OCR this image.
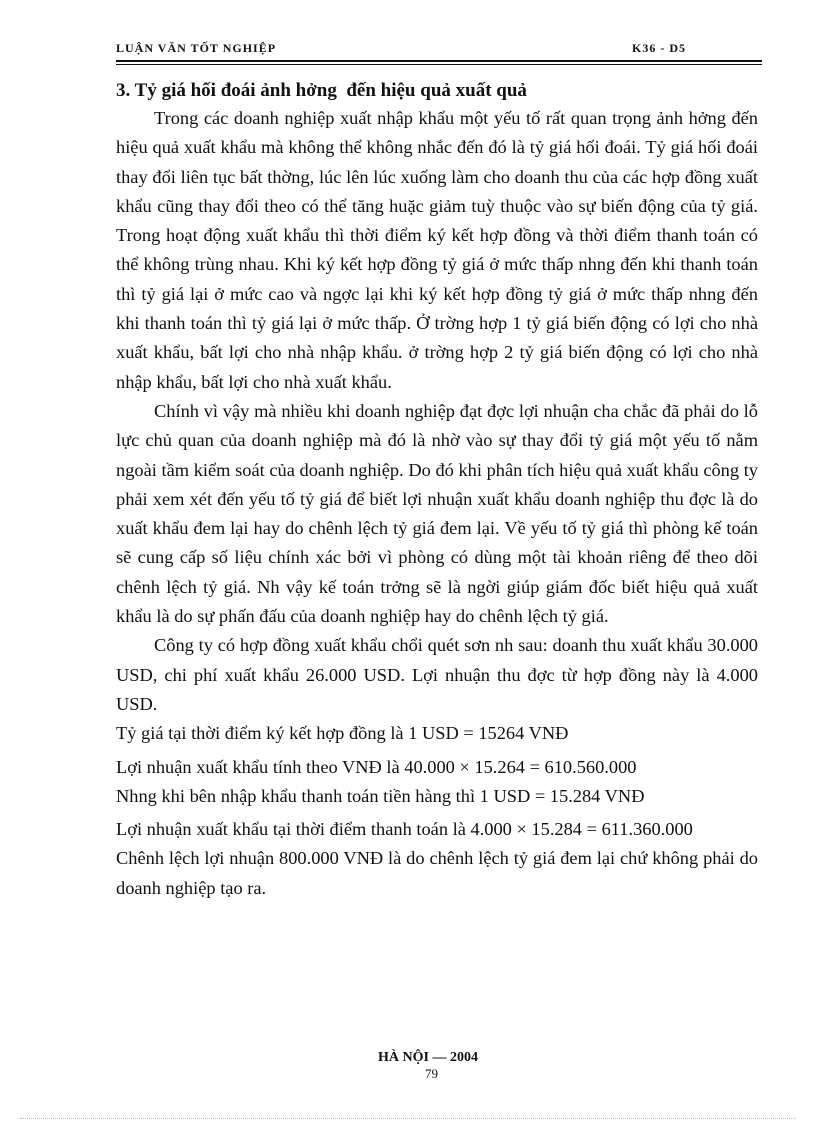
LUẬN VĂN TỐT NGHIỆP	K36 - D5
3. Tỷ giá hối đoái ảnh hởng  đến hiệu quả xuất quả

Trong các doanh nghiệp xuất nhập khẩu một yếu tố rất quan trọng ảnh hởng đến hiệu quả xuất khẩu mà không thể không nhắc đến đó là tỷ giá hối đoái. Tỷ giá hối đoái thay đổi liên tục bất thờng, lúc lên lúc xuống làm cho doanh thu của các hợp đồng xuất khẩu cũng thay đổi theo có thể tăng huặc giảm tuỳ thuộc vào sự biến động của tỷ giá. Trong hoạt động xuất khẩu thì thời điểm ký kết hợp đồng và thời điểm thanh toán có thể không trùng nhau. Khi ký kết hợp đồng tỷ giá ở mức thấp nhng đến khi thanh toán thì tỷ giá lại ở mức cao và ngợc lại khi ký kết hợp đồng tỷ giá ở mức thấp nhng đến khi thanh toán thì tỷ giá lại ở mức thấp. Ở trờng hợp 1 tỷ giá biến động có lợi cho nhà xuất khẩu, bất lợi cho nhà nhập khẩu. ở trờng hợp 2 tỷ giá biến động có lợi cho nhà nhập khẩu, bất lợi cho nhà xuất khẩu.

Chính vì vậy mà nhiều khi doanh nghiệp đạt đợc lợi nhuận cha chắc đã phải do lỗ lực chủ quan của doanh nghiệp mà đó là nhờ vào sự thay đổi tỷ giá một yếu tố nằm ngoài tầm kiểm soát của doanh nghiệp. Do đó khi phân tích hiệu quả xuất khẩu công ty phải xem xét đến yếu tố tỷ giá để biết lợi nhuận xuất khẩu doanh nghiệp thu đợc là do xuất khẩu đem lại hay do chênh lệch tỷ giá đem lại. Về yếu tố tỷ giá thì phòng kế toán sẽ cung cấp số liệu chính xác bởi vì phòng có dùng một tài khoản riêng để theo dõi chênh lệch tỷ giá. Nh vậy kế toán trởng sẽ là ngời giúp giám đốc biết hiệu quả xuất khẩu là do sự phấn đấu của doanh nghiệp hay do chênh lệch tỷ giá.

Công ty có hợp đồng xuất khẩu chổi quét sơn nh sau: doanh thu xuất khẩu 30.000 USD, chi phí xuất khẩu 26.000 USD. Lợi nhuận thu đợc từ hợp đồng này là 4.000 USD.

Tỷ giá tại thời điểm ký kết hợp đồng là 1 USD = 15264 VNĐ

Lợi nhuận xuất khẩu tính theo VNĐ là 40.000 × 15.264 = 610.560.000

Nhng khi bên nhập khẩu thanh toán tiền hàng thì 1 USD = 15.284 VNĐ

Lợi nhuận xuất khẩu tại thời điểm thanh toán là 4.000 × 15.284 = 611.360.000

Chênh lệch lợi nhuận 800.000 VNĐ là do chênh lệch tỷ giá đem lại chứ không phải do doanh nghiệp tạo ra.

HÀ NỘI — 2004
79
